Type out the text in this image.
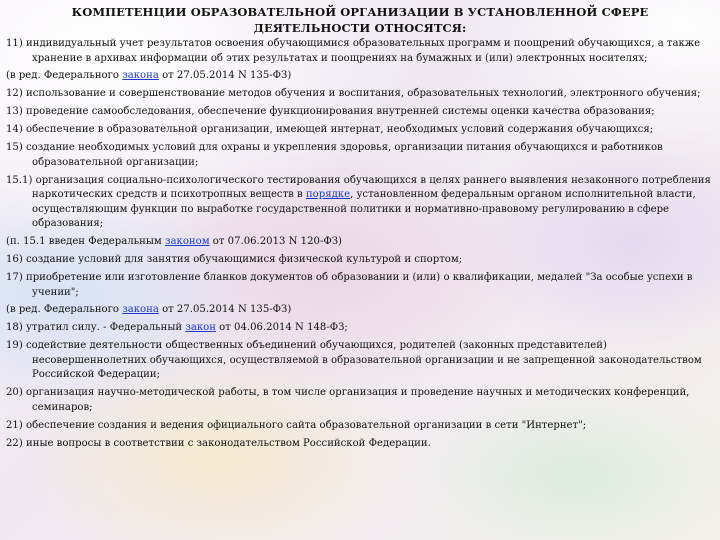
КОМПЕТЕНЦИИ ОБРАЗОВАТЕЛЬНОЙ ОРГАНИЗАЦИИ В УСТАНОВЛЕННОЙ СФЕРЕ
ДЕЯТЕЛЬНОСТИ ОТНОСЯТСЯ:
11) индивидуальный учет результатов освоения обучающимися образовательных программ и поощрений обучающихся, а также хранение в архивах информации об этих результатах и поощрениях на бумажных и (или) электронных носителях;
(в ред. Федерального закона от 27.05.2014 N 135-ФЗ)
12) использование и совершенствование методов обучения и воспитания, образовательных технологий, электронного обучения;
13) проведение самообследования, обеспечение функционирования внутренней системы оценки качества образования;
14) обеспечение в образовательной организации, имеющей интернат, необходимых условий содержания обучающихся;
15) создание необходимых условий для охраны и укрепления здоровья, организации питания обучающихся и работников образовательной организации;
15.1) организация социально-психологического тестирования обучающихся в целях раннего выявления незаконного потребления наркотических средств и психотропных веществ в порядке, установленном федеральным органом исполнительной власти, осуществляющим функции по выработке государственной политики и нормативно-правовому регулированию в сфере образования;
(п. 15.1 введен Федеральным законом от 07.06.2013 N 120-ФЗ)
16) создание условий для занятия обучающимися физической культурой и спортом;
17) приобретение или изготовление бланков документов об образовании и (или) о квалификации, медалей "За особые успехи в учении";
(в ред. Федерального закона от 27.05.2014 N 135-ФЗ)
18) утратил силу. - Федеральный закон от 04.06.2014 N 148-ФЗ;
19) содействие деятельности общественных объединений обучающихся, родителей (законных представителей) несовершеннолетних обучающихся, осуществляемой в образовательной организации и не запрещенной законодательством Российской Федерации;
20) организация научно-методической работы, в том числе организация и проведение научных и методических конференций, семинаров;
21) обеспечение создания и ведения официального сайта образовательной организации в сети "Интернет";
22) иные вопросы в соответствии с законодательством Российской Федерации.
